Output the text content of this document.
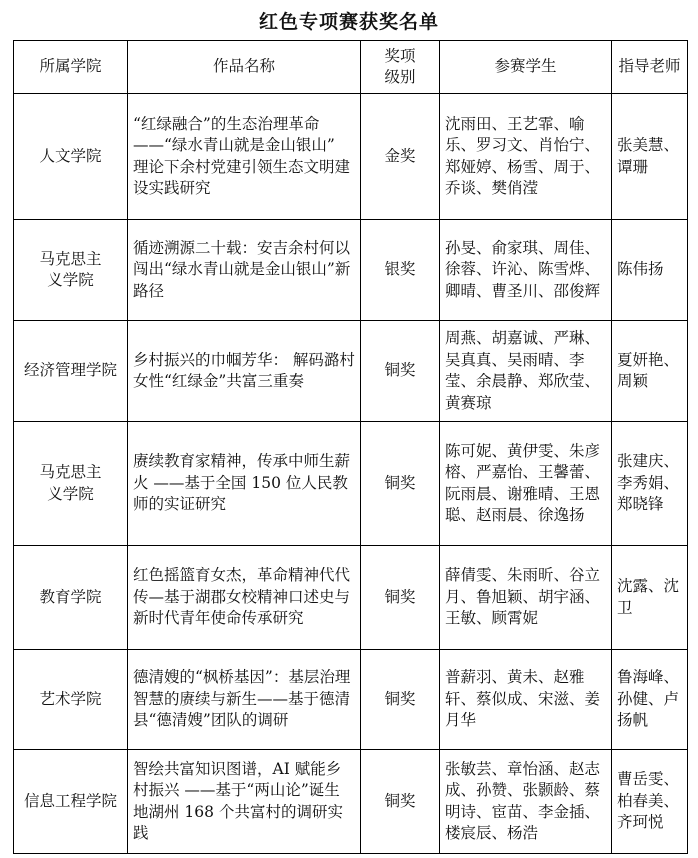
红色专项赛获奖名单
所属学院	作品名称	奖项级别	参赛学生	指导老师
人文学院	“红绿融合”的生态治理革命——“绿水青山就是金山银山” 理论下余村党建引领生态文明建设实践研究	金奖	沈雨田、王艺霏、喻乐、罗习文、肖怡宁、郑娅婷、杨雪、周于、乔谈、樊俏滢	张美慧、谭珊
马克思主义学院	循迹溯源二十载：安吉余村何以闯出“绿水青山就是金山银山”新路径	银奖	孙旻、俞家琪、周佳、徐蓉、许沁、陈雪烨、卿晴、曹圣川、邵俊辉	陈伟扬
经济管理学院	乡村振兴的巾帼芳华： 解码潞村女性“红绿金”共富三重奏	铜奖	周燕、胡嘉诚、严琳、吴真真、吴雨晴、李莹、余晨静、郑欣莹、黄赛琼	夏妍艳、周颖
马克思主义学院	赓续教育家精神，传承中师生薪火 ——基于全国 150 位人民教师的实证研究	铜奖	陈可妮、黄伊雯、朱彦榕、严嘉怡、王馨蕾、阮雨晨、谢雅晴、王恩聪、赵雨晨、徐逸扬	张建庆、李秀娟、郑晓锋
教育学院	红色摇篮育女杰，革命精神代代传—基于湖郡女校精神口述史与新时代青年使命传承研究	铜奖	薛倩雯、朱雨昕、谷立月、鲁旭颖、胡宇涵、王敏、顾霄妮	沈露、沈卫
艺术学院	德清嫂的“枫桥基因”：基层治理智慧的赓续与新生——基于德清县“德清嫂”团队的调研	铜奖	普薪羽、黄未、赵雅轩、蔡似成、宋滋、姜月华	鲁海峰、孙健、卢扬帆
信息工程学院	智绘共富知识图谱，AI 赋能乡村振兴 ——基于“两山论”诞生地湖州 168 个共富村的调研实践	铜奖	张敏芸、章怡涵、赵志成、孙赞、张颢龄、蔡明诗、宦苗、李金插、楼宸辰、杨浩	曹岳雯、柏春美、齐珂悦
